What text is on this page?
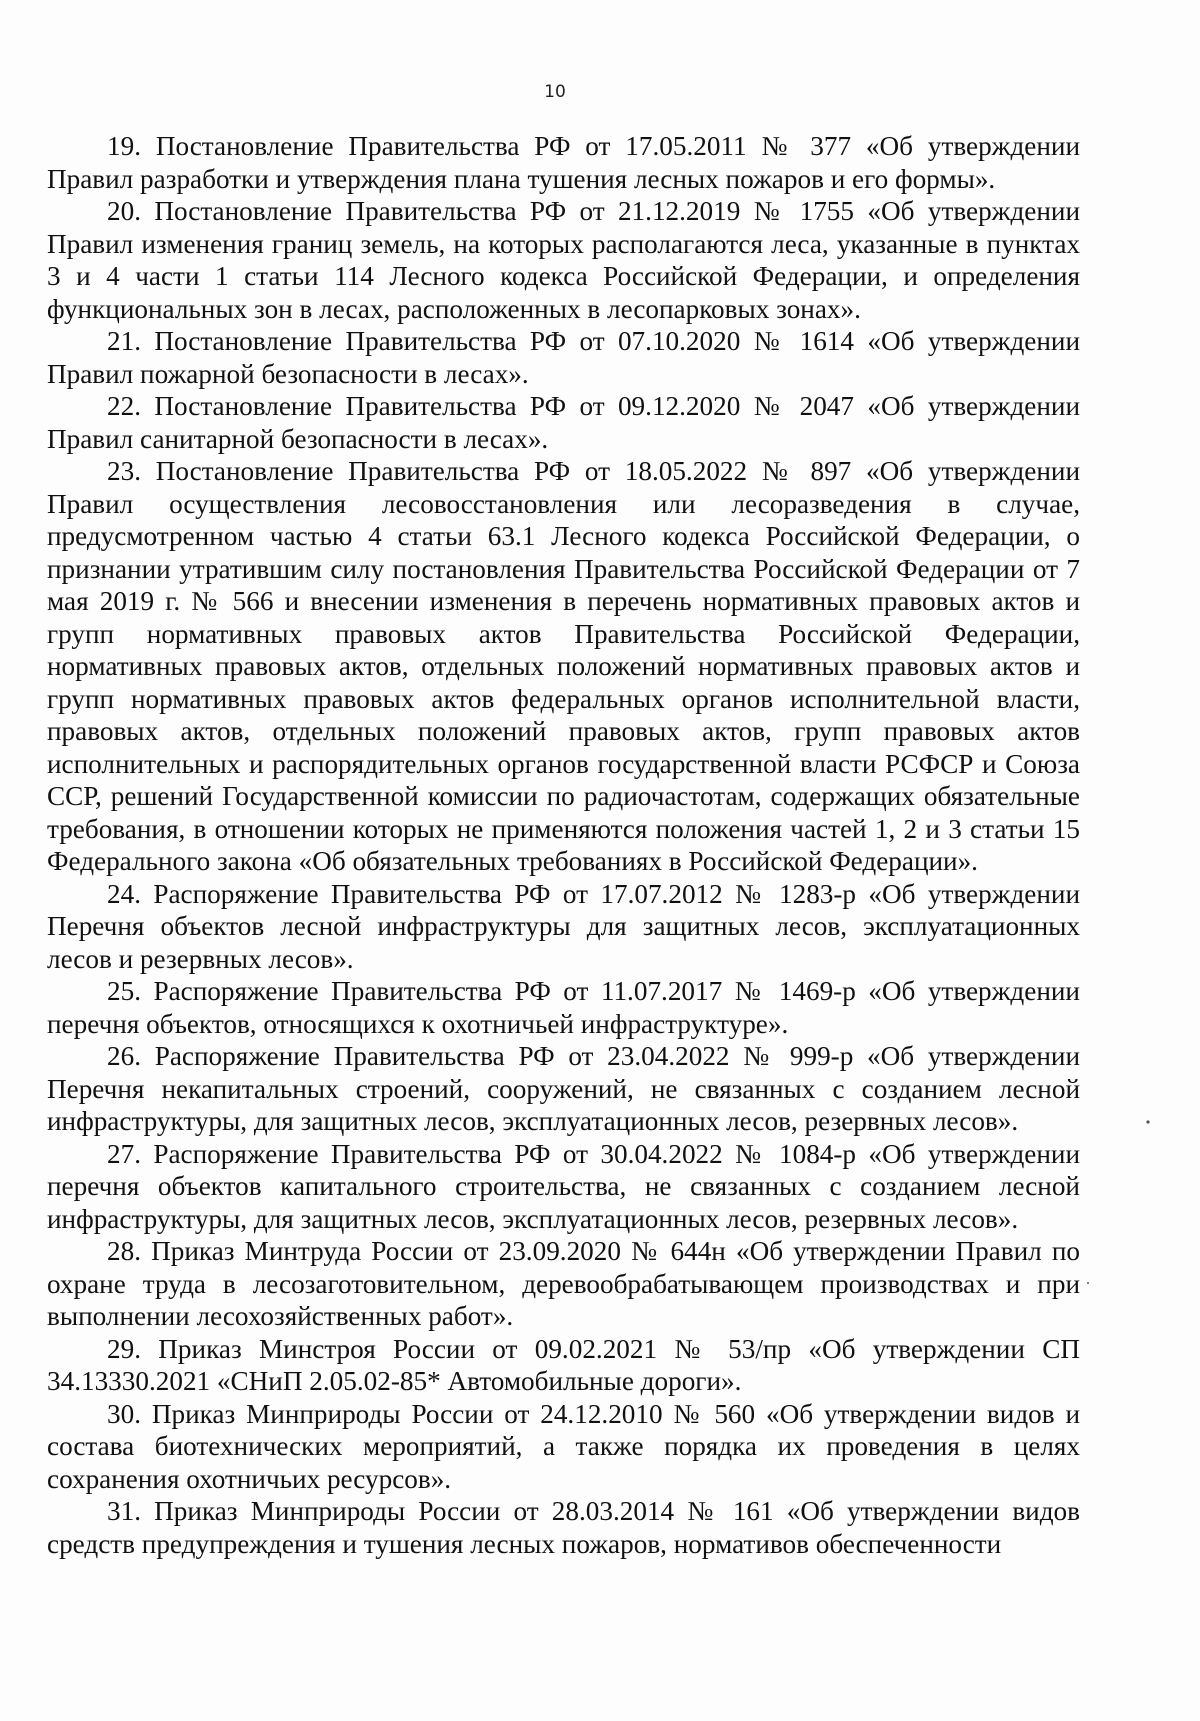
10

19. Постановление Правительства РФ от 17.05.2011 № 377 «Об утверждении Правил разработки и утверждения плана тушения лесных пожаров и его формы».

20. Постановление Правительства РФ от 21.12.2019 № 1755 «Об утверждении Правил изменения границ земель, на которых располагаются леса, указанные в пунктах 3 и 4 части 1 статьи 114 Лесного кодекса Российской Федерации, и определения функциональных зон в лесах, расположенных в лесопарковых зонах».

21. Постановление Правительства РФ от 07.10.2020 № 1614 «Об утверждении Правил пожарной безопасности в лесах».

22. Постановление Правительства РФ от 09.12.2020 № 2047 «Об утверждении Правил санитарной безопасности в лесах».

23. Постановление Правительства РФ от 18.05.2022 № 897 «Об утверждении Правил осуществления лесовосстановления или лесоразведения в случае, предусмотренном частью 4 статьи 63.1 Лесного кодекса Российской Федерации, о признании утратившим силу постановления Правительства Российской Федерации от 7 мая 2019 г. № 566 и внесении изменения в перечень нормативных правовых актов и групп нормативных правовых актов Правительства Российской Федерации, нормативных правовых актов, отдельных положений нормативных правовых актов и групп нормативных правовых актов федеральных органов исполнительной власти, правовых актов, отдельных положений правовых актов, групп правовых актов исполнительных и распорядительных органов государственной власти РСФСР и Союза ССР, решений Государственной комиссии по радиочастотам, содержащих обязательные требования, в отношении которых не применяются положения частей 1, 2 и 3 статьи 15 Федерального закона «Об обязательных требованиях в Российской Федерации».

24. Распоряжение Правительства РФ от 17.07.2012 № 1283-р «Об утверждении Перечня объектов лесной инфраструктуры для защитных лесов, эксплуатационных лесов и резервных лесов».

25. Распоряжение Правительства РФ от 11.07.2017 № 1469-р «Об утверждении перечня объектов, относящихся к охотничьей инфраструктуре».

26. Распоряжение Правительства РФ от 23.04.2022 № 999-р «Об утверждении Перечня некапитальных строений, сооружений, не связанных с созданием лесной инфраструктуры, для защитных лесов, эксплуатационных лесов, резервных лесов».

27. Распоряжение Правительства РФ от 30.04.2022 № 1084-р «Об утверждении перечня объектов капитального строительства, не связанных с созданием лесной инфраструктуры, для защитных лесов, эксплуатационных лесов, резервных лесов».

28. Приказ Минтруда России от 23.09.2020 № 644н «Об утверждении Правил по охране труда в лесозаготовительном, деревообрабатывающем производствах и при выполнении лесохозяйственных работ».

29. Приказ Минстроя России от 09.02.2021 № 53/пр «Об утверждении СП 34.13330.2021 «СНиП 2.05.02-85* Автомобильные дороги».

30. Приказ Минприроды России от 24.12.2010 № 560 «Об утверждении видов и состава биотехнических мероприятий, а также порядка их проведения в целях сохранения охотничьих ресурсов».

31. Приказ Минприроды России от 28.03.2014 № 161 «Об утверждении видов средств предупреждения и тушения лесных пожаров, нормативов обеспеченности
